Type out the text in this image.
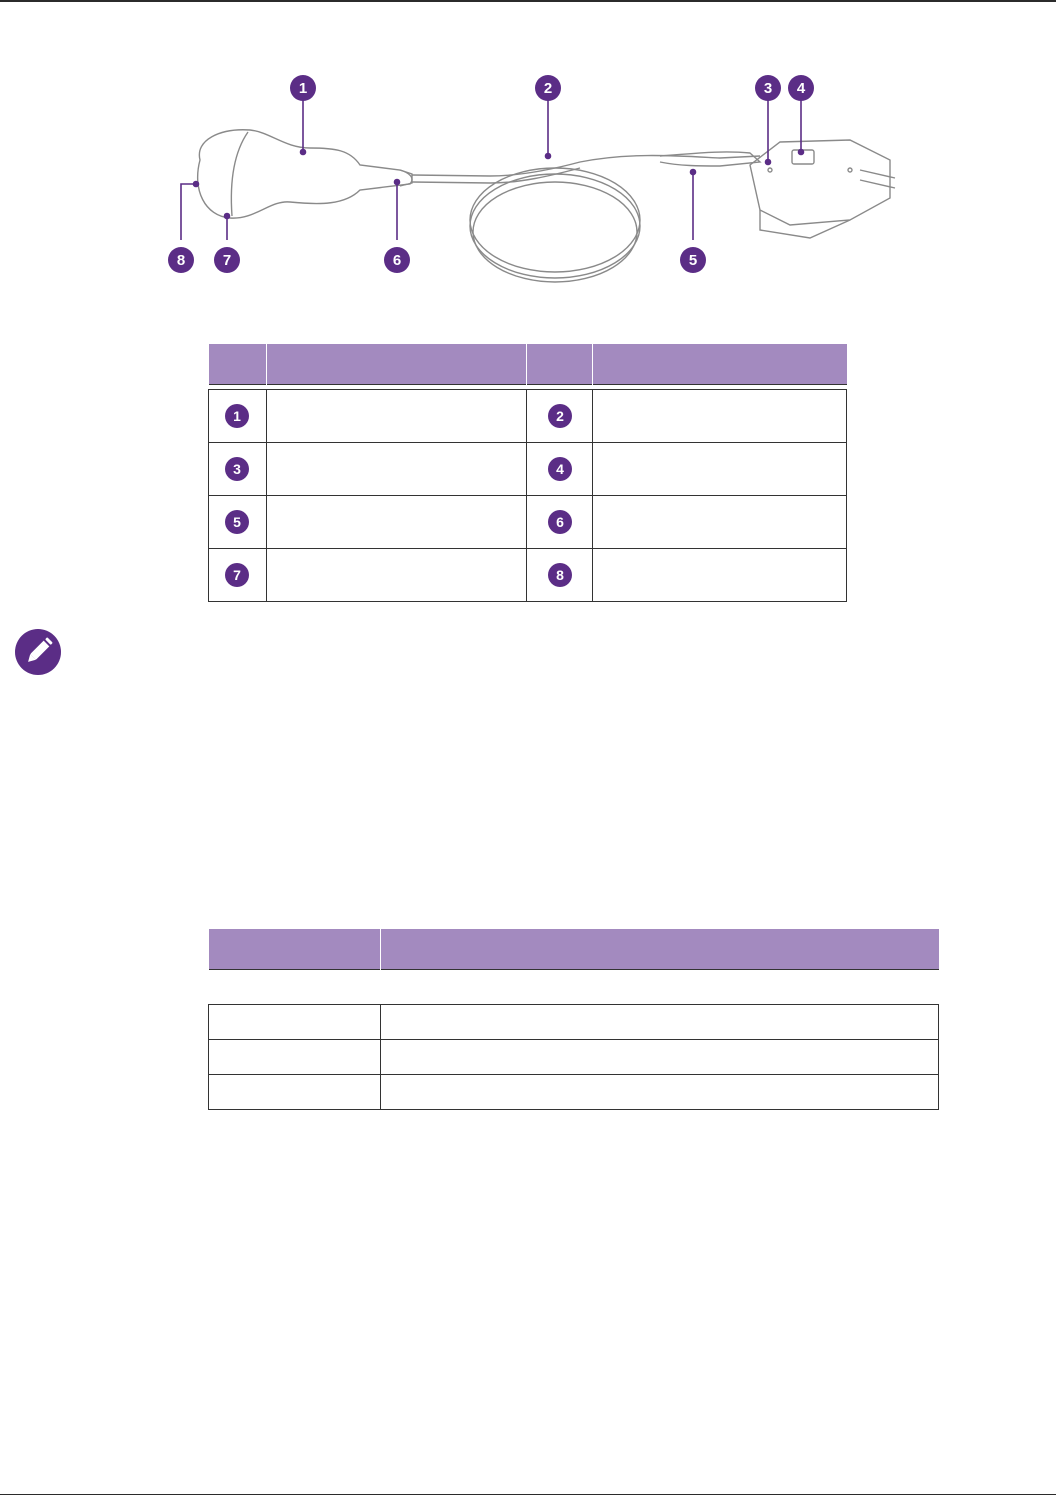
1	2	3 4
5
6
7
8

1		2	

3		4	

5		6	

7		8	
